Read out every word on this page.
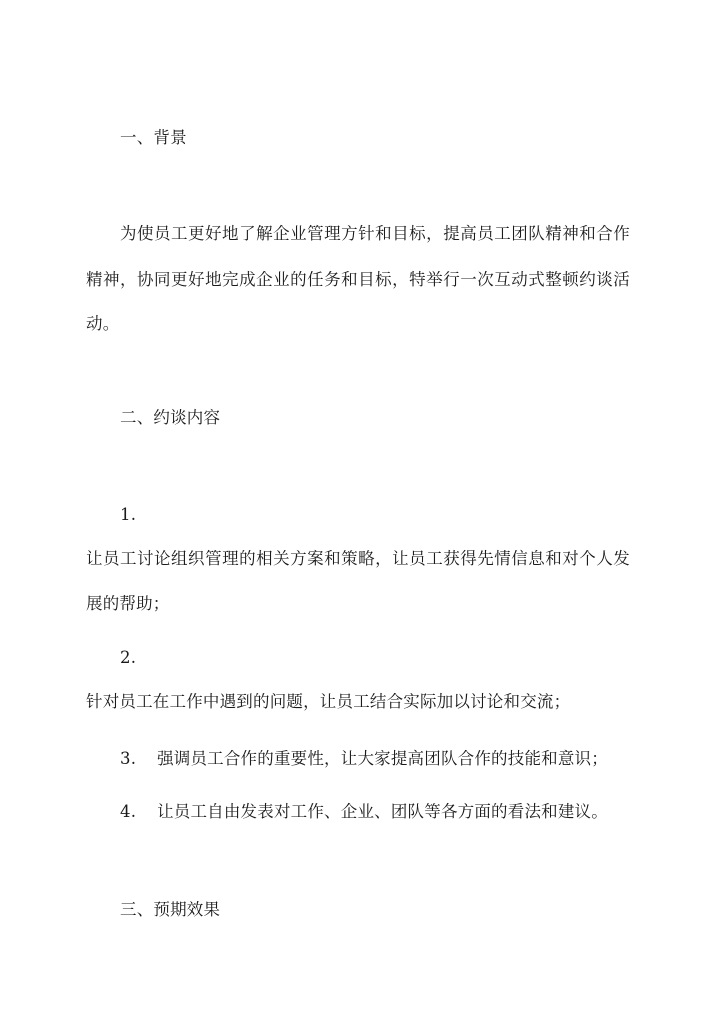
一、背景
为使员工更好地了解企业管理方针和目标，提高员工团队精神和合作
精神，协同更好地完成企业的任务和目标，特举行一次互动式整顿约谈活
动。
二、约谈内容
1.
让员工讨论组织管理的相关方案和策略，让员工获得先情信息和对个人发
展的帮助；
2.
针对员工在工作中遇到的问题，让员工结合实际加以讨论和交流；
3. 强调员工合作的重要性，让大家提高团队合作的技能和意识；
4. 让员工自由发表对工作、企业、团队等各方面的看法和建议。
三、预期效果
